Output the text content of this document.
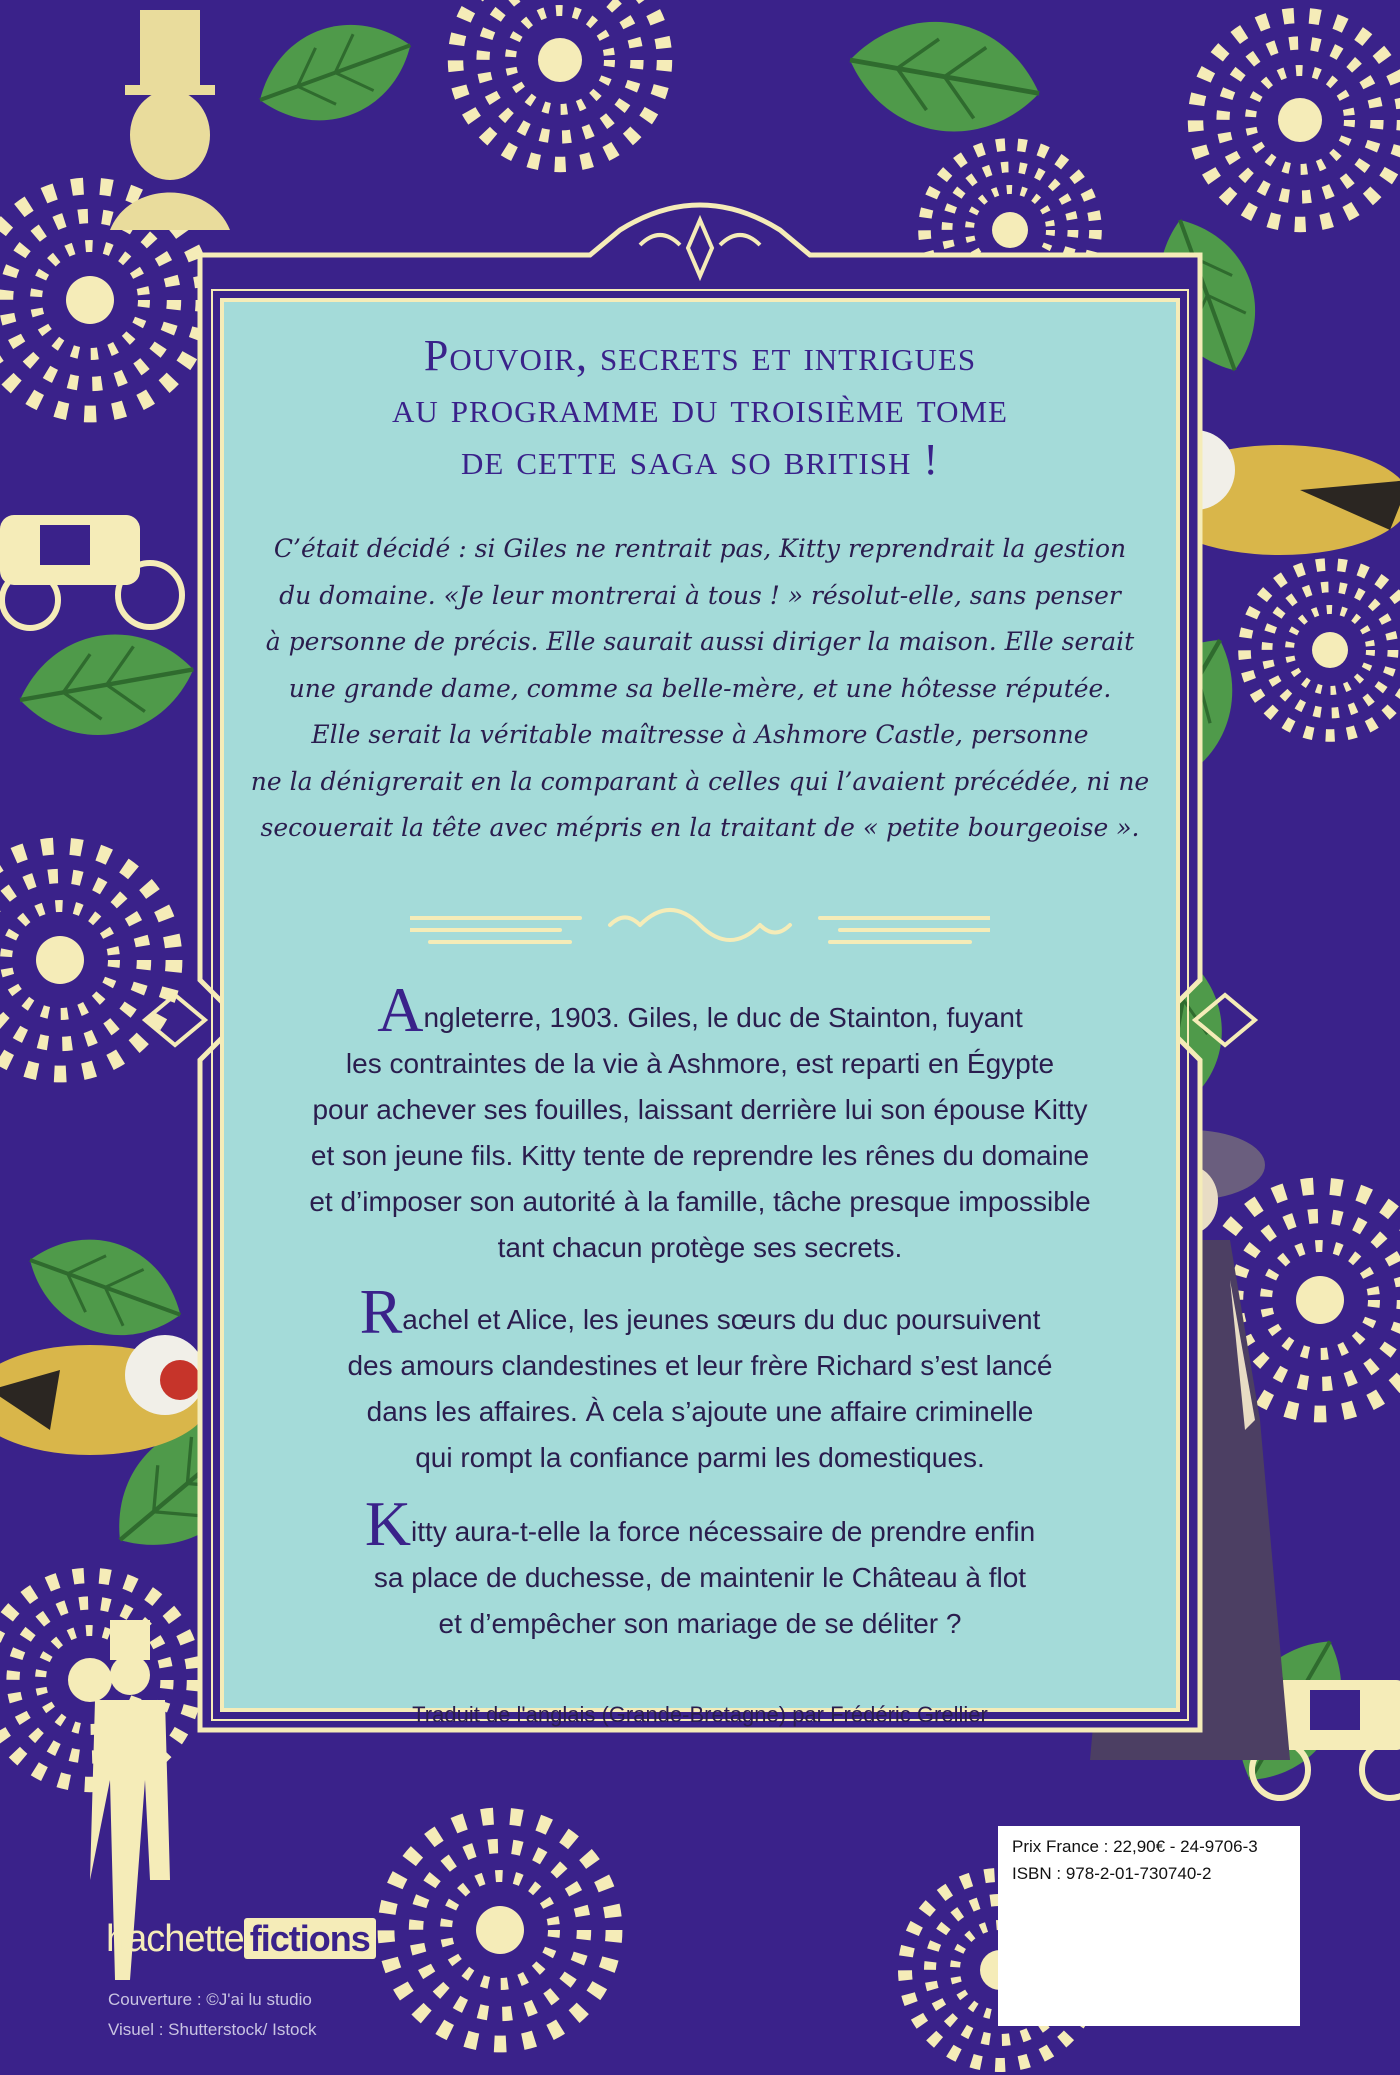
Pouvoir, secrets et intrigues
au programme du troisième tome
de cette saga so british !
C’était décidé : si Giles ne rentrait pas, Kitty reprendrait la gestion
du domaine. «Je leur montrerai à tous ! » résolut-elle, sans penser
à personne de précis. Elle saurait aussi diriger la maison. Elle serait
une grande dame, comme sa belle-mère, et une hôtesse réputée.
Elle serait la véritable maîtresse à Ashmore Castle, personne
ne la dénigrerait en la comparant à celles qui l’avaient précédée, ni ne
secouerait la tête avec mépris en la traitant de « petite bourgeoise ».
Angleterre, 1903. Giles, le duc de Stainton, fuyant
les contraintes de la vie à Ashmore, est reparti en Égypte
pour achever ses fouilles, laissant derrière lui son épouse Kitty
et son jeune fils. Kitty tente de reprendre les rênes du domaine
et d’imposer son autorité à la famille, tâche presque impossible
tant chacun protège ses secrets.
Rachel et Alice, les jeunes sœurs du duc poursuivent
des amours clandestines et leur frère Richard s’est lancé
dans les affaires. À cela s’ajoute une affaire criminelle
qui rompt la confiance parmi les domestiques.
Kitty aura-t-elle la force nécessaire de prendre enfin
sa place de duchesse, de maintenir le Château à flot
et d’empêcher son mariage de se déliter ?
Traduit de l'anglais (Grande-Bretagne) par Frédéric Grellier
Prix France : 22,90€ - 24-9706-3
ISBN : 978-2-01-730740-2
hachette fictions
Couverture : ©J'ai lu studio
Visuel : Shutterstock/ Istock
